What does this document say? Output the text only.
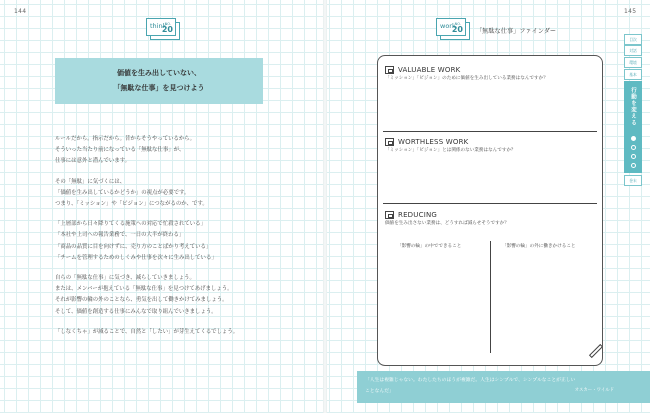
144
think
NO.
20
価値を生み出していない、
「無駄な仕事」を見つけよう
ルールだから。指示だから。昔からそうやっているから。
そういった当たり前になっている「無駄な仕事」が、
仕事には意外と潜んでいます。
その「無駄」に気づくには、
「価値を生み出しているかどうか」の視点が必要です。
つまり、「ミッション」や「ビジョン」につながるのか、です。
「上層部から日々降りてくる施策への対応で忙殺されている」
「本社や上司への報告業務で、一日の大半が終わる」
「商品の品質に目を向けずに、売り方のことばかり考えている」
「チームを管理するためのしくみや仕事を次々に生み出している」
自らの「無駄な仕事」に気づき、減らしていきましょう。
または、メンバーが抱えている「無駄な仕事」を見つけてあげましょう。
それが影響の輪の外のことなら、勇気を出して働きかけてみましょう。
そして、価値を創造する仕事にみんなで取り組んでいきましょう。
「しなくちゃ」が減ることで、自然と「したい」が芽生えてくるでしょう。
145
work
NO.
20 「無駄な仕事」ファインダー
VALUABLE WORK
「ミッション」「ビジョン」のために価値を生み出している業務はなんですか？
WORTHLESS WORK
「ミッション」「ビジョン」とは関係のない業務はなんですか？
REDUCING
価値を生み出さない業務は、どうすれば減らせそうですか？
「影響の輪」の中でできること	「影響の輪」の外に働きかけること
「人生は複雑じゃない。わたしたちのほうが複雑だ。人生はシンプルで、シンプルなことが正しい
ことなんだ」	オスカー・ワイルド
目次
対話
環境
基本
行動を変える
巻末
